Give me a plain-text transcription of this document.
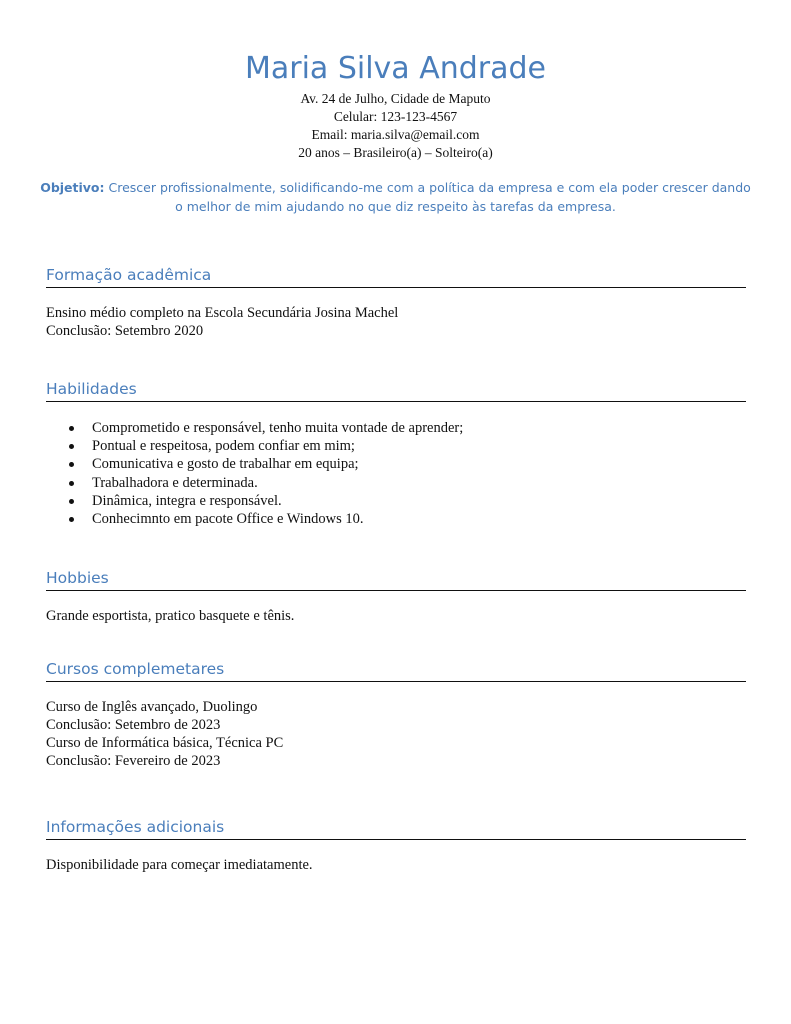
Maria Silva Andrade
Av. 24 de Julho, Cidade de Maputo
Celular: 123-123-4567
Email: maria.silva@email.com
20 anos – Brasileiro(a) – Solteiro(a)
Objetivo: Crescer profissionalmente, solidificando-me com a política da empresa e com ela poder crescer dando o melhor de mim ajudando no que diz respeito às tarefas da empresa.
Formação acadêmica
Ensino médio completo na Escola Secundária Josina Machel
Conclusão: Setembro 2020
Habilidades
Comprometido e responsável, tenho muita vontade de aprender;
Pontual e respeitosa, podem confiar em mim;
Comunicativa e gosto de trabalhar em equipa;
Trabalhadora e determinada.
Dinâmica, integra e responsável.
Conhecimnto em pacote Office e Windows 10.
Hobbies
Grande esportista, pratico basquete e tênis.
Cursos complemetares
Curso de Inglês avançado, Duolingo
Conclusão: Setembro de 2023
Curso de Informática básica, Técnica PC
Conclusão: Fevereiro de 2023
Informações adicionais
Disponibilidade para começar imediatamente.
